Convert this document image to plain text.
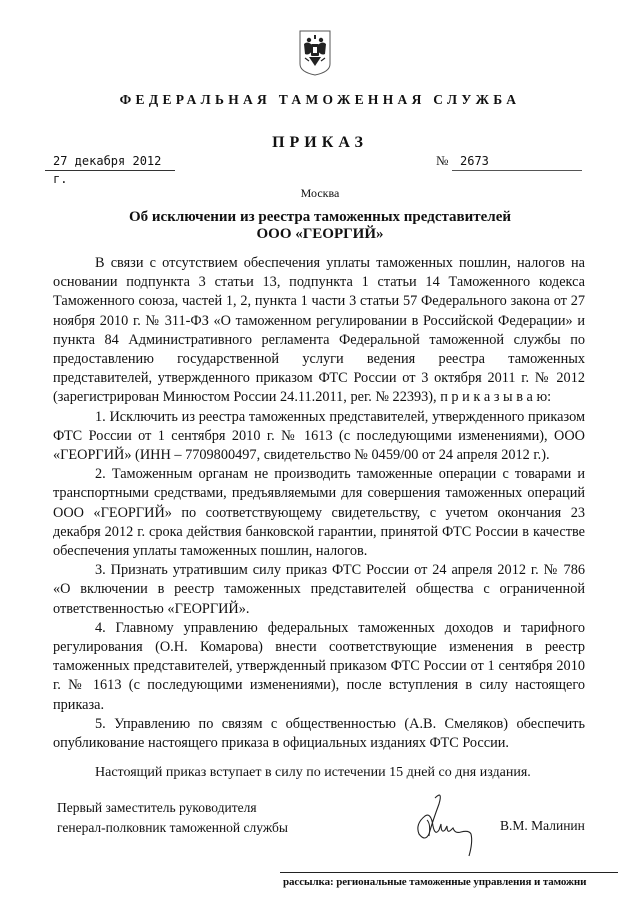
ФЕДЕРАЛЬНАЯ ТАМОЖЕННАЯ СЛУЖБА
ПРИКАЗ
27 декабря 2012 г.
№ 2673
Москва
Об исключении из реестра таможенных представителей
ООО «ГЕОРГИЙ»

В связи с отсутствием обеспечения уплаты таможенных пошлин, налогов на основании подпункта 3 статьи 13, подпункта 1 статьи 14 Таможенного кодекса Таможенного союза, частей 1, 2, пункта 1 части 3 статьи 57 Федерального закона от 27 ноября 2010 г. № 311-ФЗ «О таможенном регулировании в Российской Федерации» и пункта 84 Административного регламента Федеральной таможенной службы по предоставлению государственной услуги ведения реестра таможенных представителей, утвержденного приказом ФТС России от 3 октября 2011 г. № 2012 (зарегистрирован Минюстом России 24.11.2011, рег. № 22393), п р и к а з ы в а ю:

1. Исключить из реестра таможенных представителей, утвержденного приказом ФТС России от 1 сентября 2010 г. № 1613 (с последующими изменениями), ООО «ГЕОРГИЙ» (ИНН – 7709800497, свидетельство № 0459/00 от 24 апреля 2012 г.).

2. Таможенным органам не производить таможенные операции с товарами и транспортными средствами, предъявляемыми для совершения таможенных операций ООО «ГЕОРГИЙ» по соответствующему свидетельству, с учетом окончания 23 декабря 2012 г. срока действия банковской гарантии, принятой ФТС России в качестве обеспечения уплаты таможенных пошлин, налогов.

3. Признать утратившим силу приказ ФТС России от 24 апреля 2012 г. № 786 «О включении в реестр таможенных представителей общества с ограниченной ответственностью «ГЕОРГИЙ».

4. Главному управлению федеральных таможенных доходов и тарифного регулирования (О.Н. Комарова) внести соответствующие изменения в реестр таможенных представителей, утвержденный приказом ФТС России от 1 сентября 2010 г. № 1613 (с последующими изменениями), после вступления в силу настоящего приказа.

5. Управлению по связям с общественностью (А.В. Смеляков) обеспечить опубликование настоящего приказа в официальных изданиях ФТС России.

Настоящий приказ вступает в силу по истечении 15 дней со дня издания.
Первый заместитель руководителя
генерал-полковник таможенной службы	В.М. Малинин
рассылка: региональные таможенные управления и таможни
